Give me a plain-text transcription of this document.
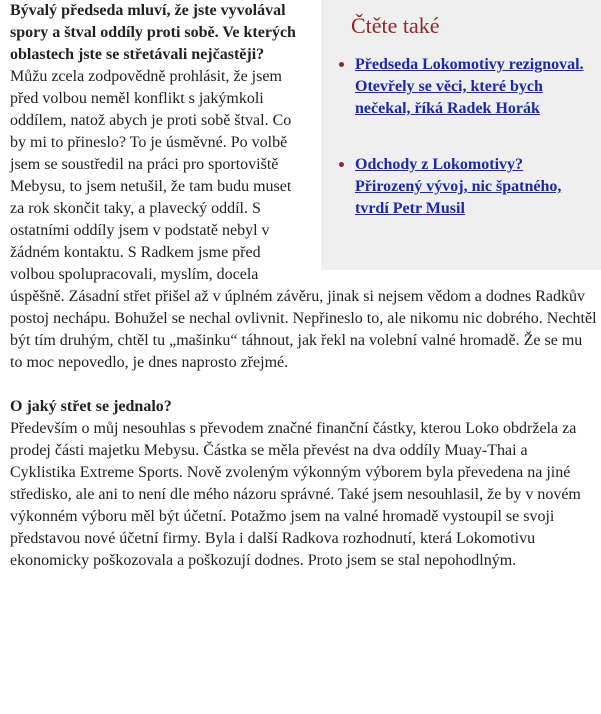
Čtěte také
Předseda Lokomotivy rezignoval. Otevřely se věci, které bych nečekal, říká Radek Horák
Odchody z Lokomotivy? Přirozený vývoj, nic špatného, tvrdí Petr Musil

Bývalý předseda mluví, že jste vyvolával spory a štval oddíly proti sobě. Ve kterých oblastech jste se střetávali nejčastěji?

Můžu zcela zodpovědně prohlásit, že jsem před volbou neměl konflikt s jakýmkoli oddílem, natož abych je proti sobě štval. Co by mi to přineslo? To je úsměvné. Po volbě jsem se soustředil na práci pro sportoviště Mebysu, to jsem netušil, že tam budu muset za rok skončit taky, a plavecký oddíl. S ostatními oddíly jsem v podstatě nebyl v žádném kontaktu. S Radkem jsme před volbou spolupracovali, myslím, docela úspěšně. Zásadní střet přišel až v úplném závěru, jinak si nejsem vědom a dodnes Radkův postoj nechápu. Bohužel se nechal ovlivnit. Nepřineslo to, ale nikomu nic dobrého. Nechtěl být tím druhým, chtěl tu „mašinku“ táhnout, jak řekl na volební valné hromadě. Že se mu to moc nepovedlo, je dnes naprosto zřejmé.

O jaký střet se jednalo?

Především o můj nesouhlas s převodem značné finanční částky, kterou Loko obdržela za prodej části majetku Mebysu. Částka se měla převést na dva oddíly Muay-Thai a Cyklistika Extreme Sports. Nově zvoleným výkonným výborem byla převedena na jiné středisko, ale ani to není dle mého názoru správné. Také jsem nesouhlasil, že by v novém výkonném výboru měl být účetní. Potažmo jsem na valné hromadě vystoupil se svoji představou nové účetní firmy. Byla i další Radkova rozhodnutí, která Lokomotivu ekonomicky poškozovala a poškozují dodnes. Proto jsem se stal nepohodlným.
